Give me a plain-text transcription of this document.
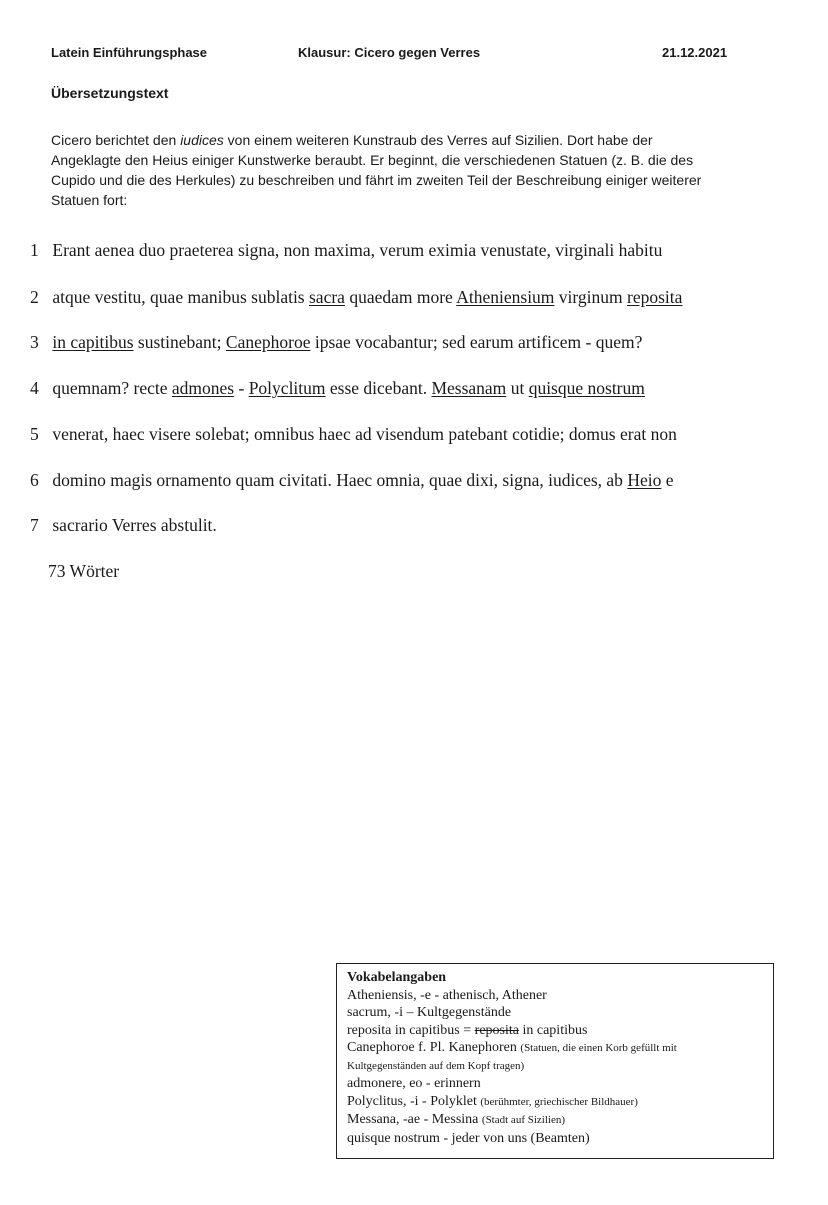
Latein Einführungsphase	Klausur: Cicero gegen Verres	21.12.2021
Übersetzungstext
Cicero berichtet den iudices von einem weiteren Kunstraub des Verres auf Sizilien. Dort habe der
Angeklagte den Heius einiger Kunstwerke beraubt. Er beginnt, die verschiedenen Statuen (z. B. die des
Cupido und die des Herkules) zu beschreiben und fährt im zweiten Teil der Beschreibung einiger weiterer
Statuen fort:
1 Erant aenea duo praeterea signa, non maxima, verum eximia venustate, virginali habitu
2 atque vestitu, quae manibus sublatis sacra quaedam more Atheniensium virginum reposita
3 in capitibus sustinebant; Canephoroe ipsae vocabantur; sed earum artificem - quem?
4 quemnam? recte admones - Polyclitum esse dicebant. Messanam ut quisque nostrum
5 venerat, haec visere solebat; omnibus haec ad visendum patebant cotidie; domus erat non
6 domino magis ornamento quam civitati. Haec omnia, quae dixi, signa, iudices, ab Heio e
7 sacrario Verres abstulit.
73 Wörter
Vokabelangaben
Atheniensis, -e - athenisch, Athener
sacrum, -i – Kultgegenstände
reposita in capitibus = reposita in capitibus
Canephoroe f. Pl. Kanephoren (Statuen, die einen Korb gefüllt mit
Kultgegenständen auf dem Kopf tragen)
admonere, eo - erinnern
Polyclitus, -i - Polyklet (berühmter, griechischer Bildhauer)
Messana, -ae - Messina (Stadt auf Sizilien)
quisque nostrum - jeder von uns (Beamten)
